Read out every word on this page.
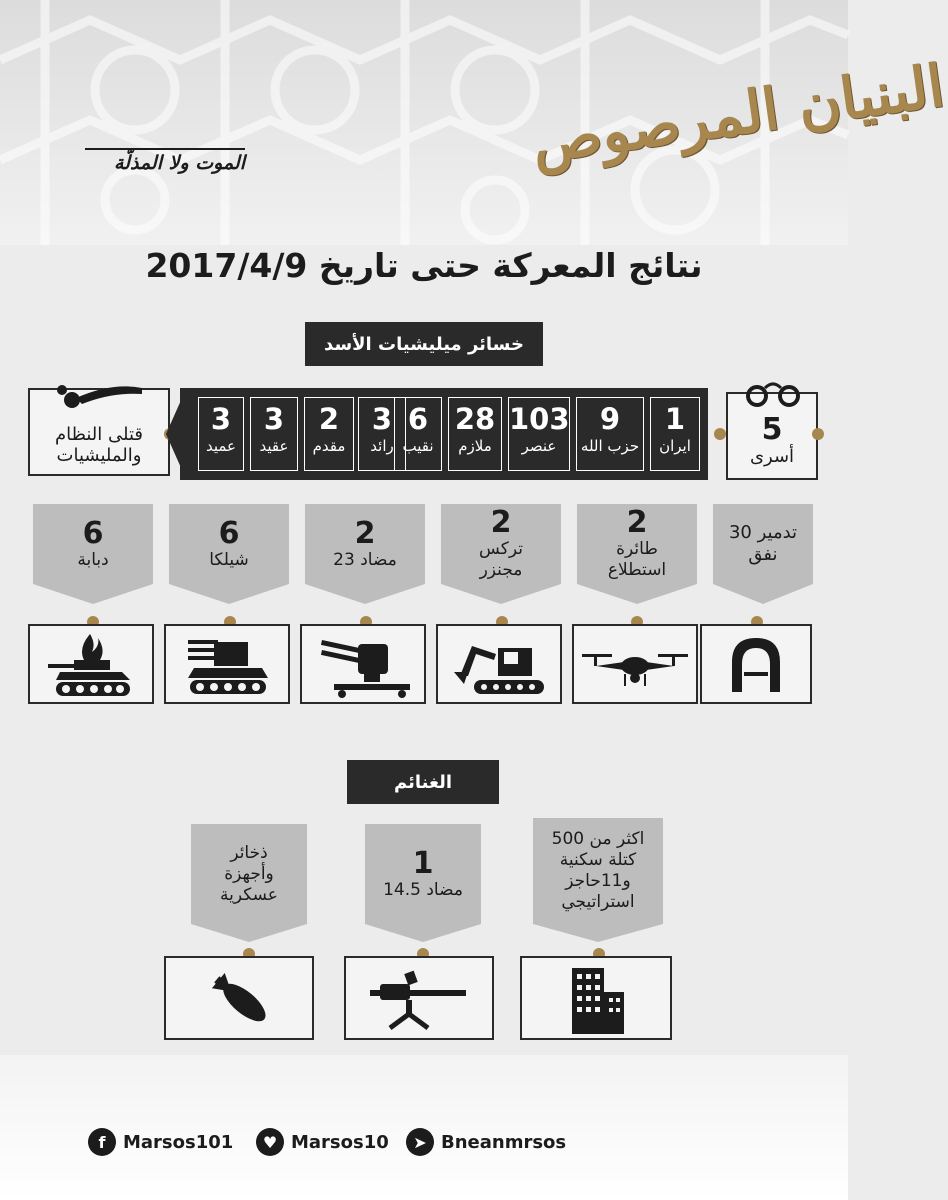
البنيان المرصوص
الموت ولا المذلّة
نتائج المعركة حتى تاريخ 2017/4/9
خسائر ميليشيات الأسد
قتلى النظام والمليشيات
3
عميد
3
عقيد
2
مقدم
3
رائد
6
نقيب
28
ملازم
103
عنصر
9
حزب الله
1
ايران	5
أسرى
6
دبابة
6
شيلكا
2
مضاد 23
2
تركس مجنزر
2
طائرة استطلاع
تدمير 30 نفق
الغنائم
ذخائر وأجهزة عسكرية
1
مضاد 14.5
اكثر من 500 كتلة سكنية و11حاجز استراتيجي
f Marsos101	♥ Marsos10	➤ Bneanmrsos
